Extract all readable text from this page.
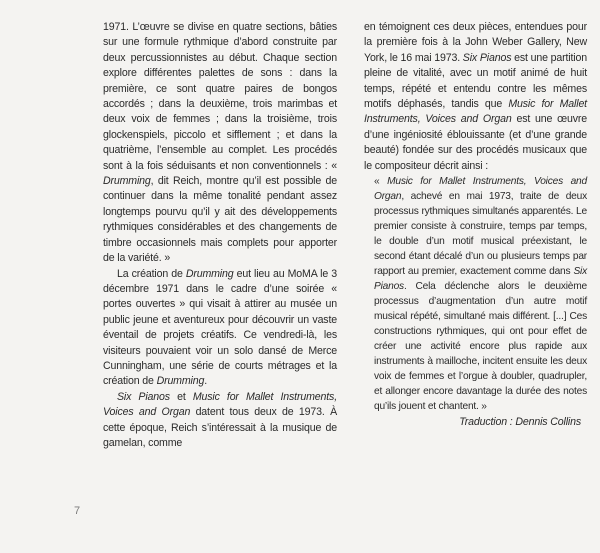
1971. L’œuvre se divise en quatre sections, bâties sur une formule rythmique d’abord construite par deux percussionnistes au début. Chaque section explore différentes palettes de sons : dans la première, ce sont quatre paires de bongos accordés ; dans la deuxième, trois marimbas et deux voix de femmes ; dans la troisième, trois glockenspiels, piccolo et sifflement ; et dans la quatrième, l’ensemble au complet. Les procédés sont à la fois séduisants et non conventionnels : « Drumming, dit Reich, montre qu’il est possible de continuer dans la même tonalité pendant assez longtemps pourvu qu’il y ait des développements rythmiques considérables et des changements de timbre occasionnels mais complets pour apporter de la variété. »

La création de Drumming eut lieu au MoMA le 3 décembre 1971 dans le cadre d’une soirée « portes ouvertes » qui visait à attirer au musée un public jeune et aventureux pour découvrir un vaste éventail de projets créatifs. Ce vendredi-là, les visiteurs pouvaient voir un solo dansé de Merce Cunningham, une série de courts métrages et la création de Drumming.

Six Pianos et Music for Mallet Instruments, Voices and Organ datent tous deux de 1973. À cette époque, Reich s’intéressait à la musique de gamelan, comme

en témoignent ces deux pièces, entendues pour la première fois à la John Weber Gallery, New York, le 16 mai 1973. Six Pianos est une partition pleine de vitalité, avec un motif animé de huit temps, répété et entendu contre les mêmes motifs déphasés, tandis que Music for Mallet Instruments, Voices and Organ est une œuvre d’une ingéniosité éblouissante (et d’une grande beauté) fondée sur des procédés musicaux que le compositeur décrit ainsi :

« Music for Mallet Instruments, Voices and Organ, achevé en mai 1973, traite de deux processus rythmiques simultanés apparentés. Le premier consiste à construire, temps par temps, le double d’un motif musical préexistant, le second étant décalé d’un ou plusieurs temps par rapport au premier, exactement comme dans Six Pianos. Cela déclenche alors le deuxième processus d’augmentation d’un autre motif musical répété, simultané mais différent. [...] Ces constructions rythmiques, qui ont pour effet de créer une activité encore plus rapide aux instruments à mailloche, incitent ensuite les deux voix de femmes et l’orgue à doubler, quadrupler, et allonger encore davantage la durée des notes qu’ils jouent et chantent. »

Traduction : Dennis Collins

7
